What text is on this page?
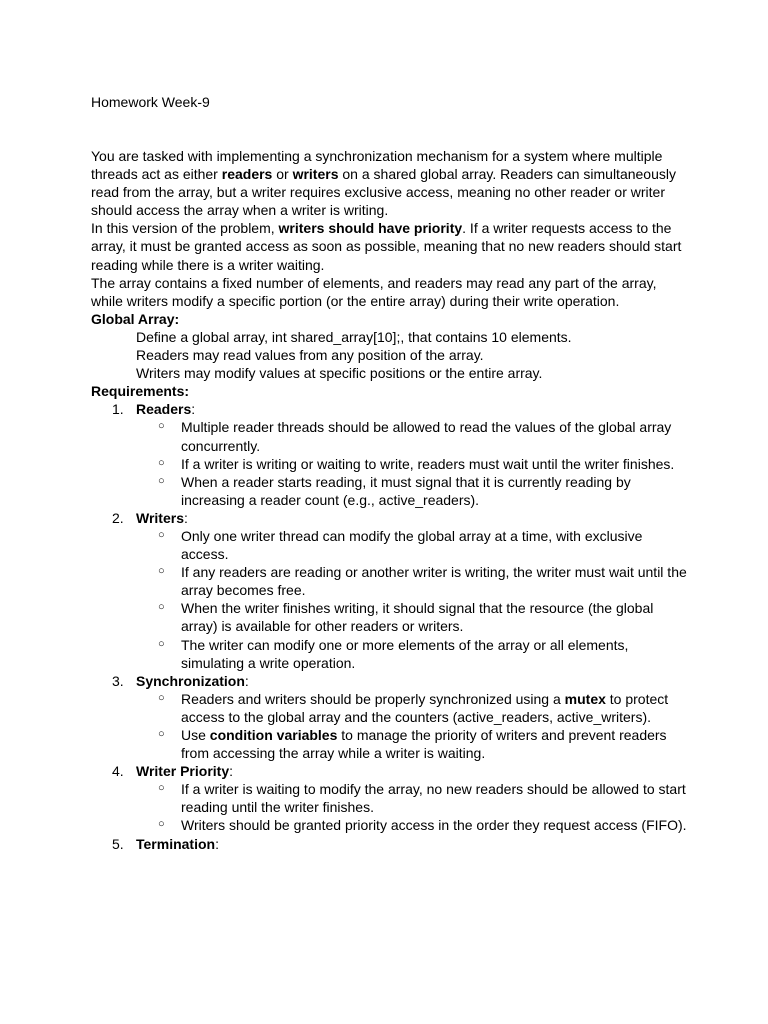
Homework Week-9

You are tasked with implementing a synchronization mechanism for a system where multiple threads act as either readers or writers on a shared global array. Readers can simultaneously read from the array, but a writer requires exclusive access, meaning no other reader or writer should access the array when a writer is writing.

In this version of the problem, writers should have priority. If a writer requests access to the array, it must be granted access as soon as possible, meaning that no new readers should start reading while there is a writer waiting.

The array contains a fixed number of elements, and readers may read any part of the array, while writers modify a specific portion (or the entire array) during their write operation.

Global Array:

Define a global array, int shared_array[10];, that contains 10 elements.

Readers may read values from any position of the array.

Writers may modify values at specific positions or the entire array.

Requirements:

1. Readers:
○ Multiple reader threads should be allowed to read the values of the global array concurrently.
○ If a writer is writing or waiting to write, readers must wait until the writer finishes.
○ When a reader starts reading, it must signal that it is currently reading by increasing a reader count (e.g., active_readers).
2. Writers:
○ Only one writer thread can modify the global array at a time, with exclusive access.
○ If any readers are reading or another writer is writing, the writer must wait until the array becomes free.
○ When the writer finishes writing, it should signal that the resource (the global array) is available for other readers or writers.
○ The writer can modify one or more elements of the array or all elements, simulating a write operation.
3. Synchronization:
○ Readers and writers should be properly synchronized using a mutex to protect access to the global array and the counters (active_readers, active_writers).
○ Use condition variables to manage the priority of writers and prevent readers from accessing the array while a writer is waiting.
4. Writer Priority:
○ If a writer is waiting to modify the array, no new readers should be allowed to start reading until the writer finishes.
○ Writers should be granted priority access in the order they request access (FIFO).
5. Termination:
